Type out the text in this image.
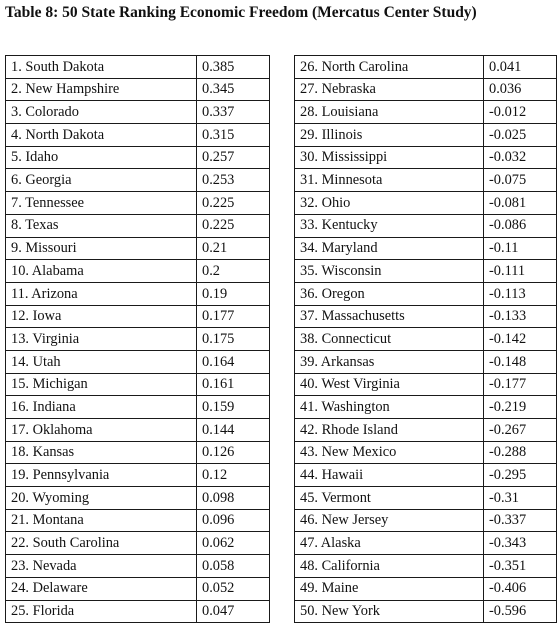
Table 8: 50 State Ranking Economic Freedom (Mercatus Center Study)
1. South Dakota	0.385
2. New Hampshire	0.345
3. Colorado	0.337
4. North Dakota	0.315
5. Idaho	0.257
6. Georgia	0.253
7. Tennessee	0.225
8. Texas	0.225
9. Missouri	0.21
10. Alabama	0.2
11. Arizona	0.19
12. Iowa	0.177
13. Virginia	0.175
14. Utah	0.164
15. Michigan	0.161
16. Indiana	0.159
17. Oklahoma	0.144
18. Kansas	0.126
19. Pennsylvania	0.12
20. Wyoming	0.098
21. Montana	0.096
22. South Carolina	0.062
23. Nevada	0.058
24. Delaware	0.052
25. Florida	0.047
26. North Carolina	0.041
27. Nebraska	0.036
28. Louisiana	-0.012
29. Illinois	-0.025
30. Mississippi	-0.032
31. Minnesota	-0.075
32. Ohio	-0.081
33. Kentucky	-0.086
34. Maryland	-0.11
35. Wisconsin	-0.111
36. Oregon	-0.113
37. Massachusetts	-0.133
38. Connecticut	-0.142
39. Arkansas	-0.148
40. West Virginia	-0.177
41. Washington	-0.219
42. Rhode Island	-0.267
43. New Mexico	-0.288
44. Hawaii	-0.295
45. Vermont	-0.31
46. New Jersey	-0.337
47. Alaska	-0.343
48. California	-0.351
49. Maine	-0.406
50. New York	-0.596
